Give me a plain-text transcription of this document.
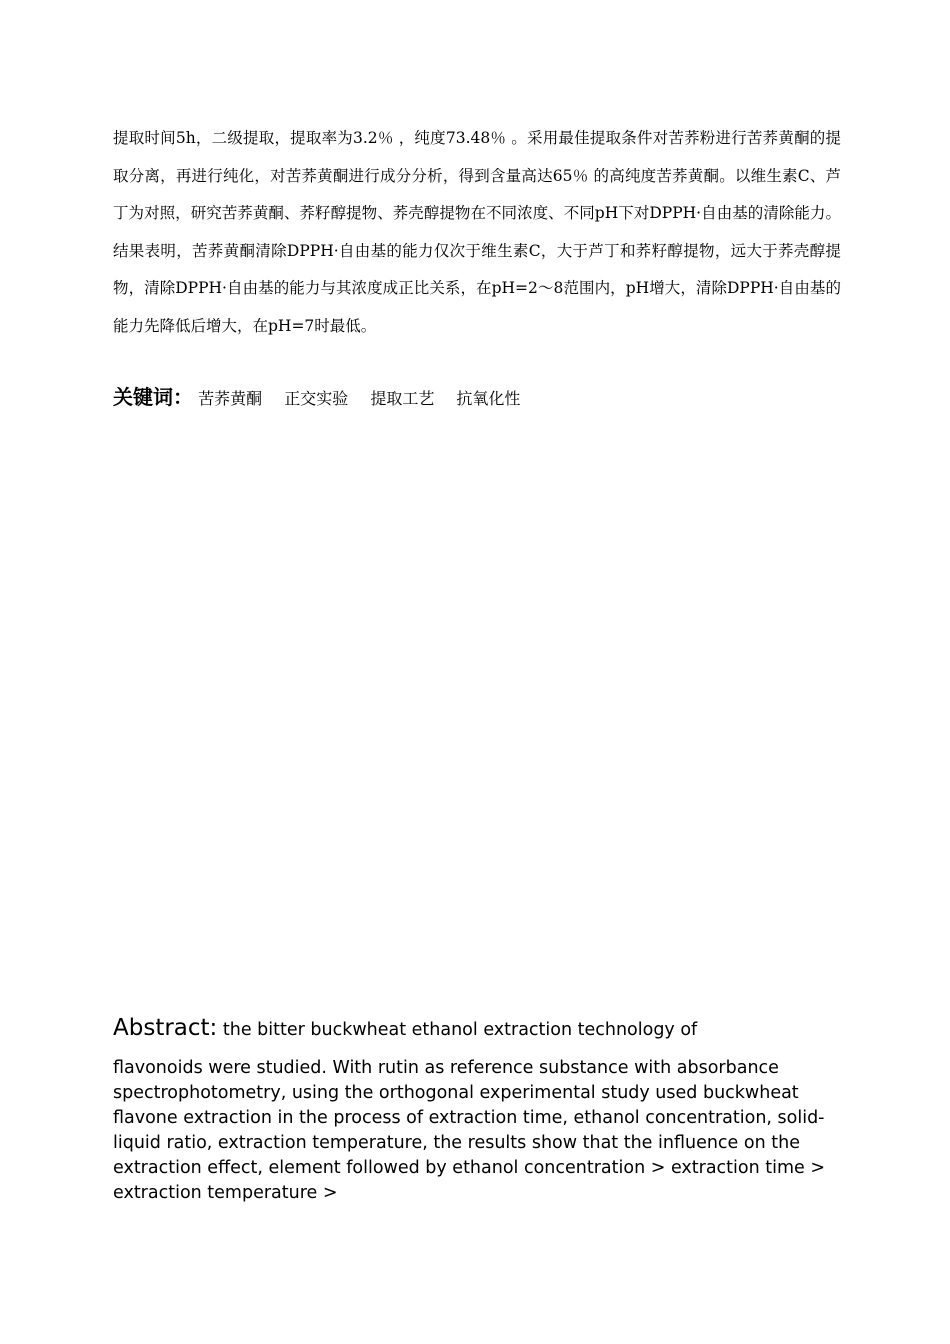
提取时间5h，二级提取，提取率为3.2％ ，纯度73.48％ 。采用最佳提取条件对苦荞粉进行苦荞黄酮的提取分离，再进行纯化，对苦荞黄酮进行成分分析，得到含量高达65％ 的高纯度苦荞黄酮。以维生素C、芦丁为对照，研究苦荞黄酮、荞籽醇提物、荞壳醇提物在不同浓度、不同pH下对DPPH·自由基的清除能力。结果表明，苦荞黄酮清除DPPH·自由基的能力仅次于维生素C，大于芦丁和荞籽醇提物，远大于荞壳醇提物，清除DPPH·自由基的能力与其浓度成正比关系，在pH=2～8范围内，pH增大，清除DPPH·自由基的能力先降低后增大，在pH=7时最低。

关键词： 苦荞黄酮 正交实验 提取工艺 抗氧化性

Abstract: the bitter buckwheat ethanol extraction technology of
flavonoids were studied. With rutin as reference substance with absorbance spectrophotometry, using the orthogonal experimental study used buckwheat flavone extraction in the process of extraction time, ethanol concentration, solid-liquid ratio, extraction temperature, the results show that the influence on the extraction effect, element followed by ethanol concentration > extraction time > extraction temperature >
